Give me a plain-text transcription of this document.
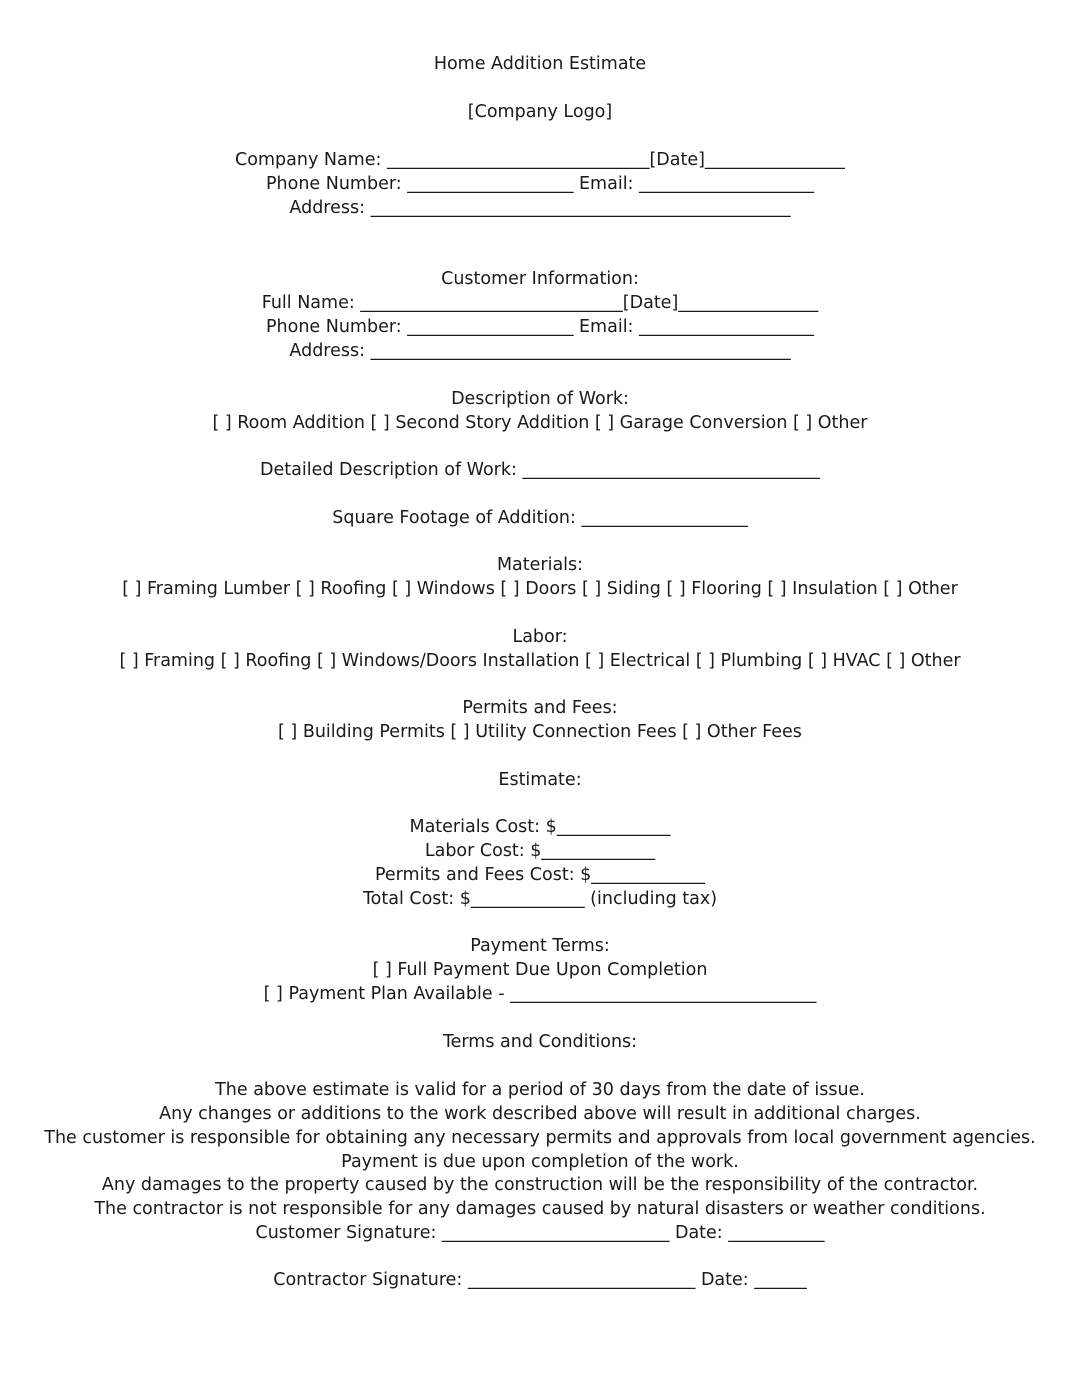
Home Addition Estimate
[Company Logo]
Company Name: ______________________________[Date]________________
Phone Number: ___________________ Email: ____________________
Address: ________________________________________________
Customer Information:
Full Name: ______________________________[Date]________________
Phone Number: ___________________ Email: ____________________
Address: ________________________________________________
Description of Work:
[ ] Room Addition [ ] Second Story Addition [ ] Garage Conversion [ ] Other
Detailed Description of Work: __________________________________
Square Footage of Addition: ___________________
Materials:
[ ] Framing Lumber [ ] Roofing [ ] Windows [ ] Doors [ ] Siding [ ] Flooring [ ] Insulation [ ] Other
Labor:
[ ] Framing [ ] Roofing [ ] Windows/Doors Installation [ ] Electrical [ ] Plumbing [ ] HVAC [ ] Other
Permits and Fees:
[ ] Building Permits [ ] Utility Connection Fees [ ] Other Fees
Estimate:
Materials Cost: $_____________
Labor Cost: $_____________
Permits and Fees Cost: $_____________
Total Cost: $_____________ (including tax)
Payment Terms:
[ ] Full Payment Due Upon Completion
[ ] Payment Plan Available - ___________________________________
Terms and Conditions:
The above estimate is valid for a period of 30 days from the date of issue.
Any changes or additions to the work described above will result in additional charges.
The customer is responsible for obtaining any necessary permits and approvals from local government agencies.
Payment is due upon completion of the work.
Any damages to the property caused by the construction will be the responsibility of the contractor.
The contractor is not responsible for any damages caused by natural disasters or weather conditions.
Customer Signature: __________________________ Date: ___________
Contractor Signature: __________________________ Date: ______
